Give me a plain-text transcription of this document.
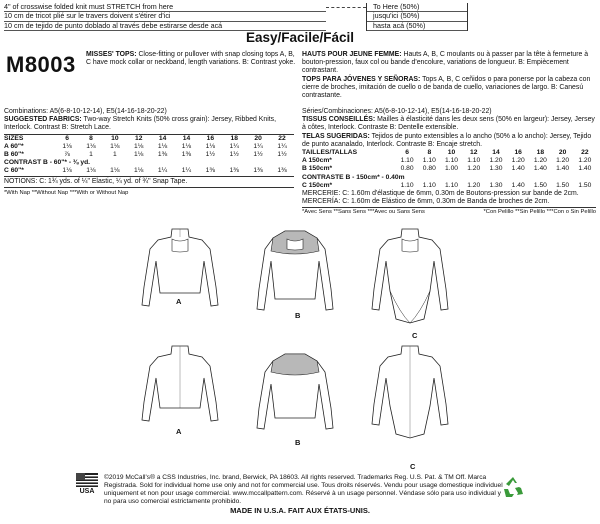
4" of crosswise folded knit must STRETCH from here
10 cm de tricot plié sur le travers doivent s'étirer d'ici
10 cm de tejido de punto doblado al través debe estirarse desde acá
To Here (50%)
jusqu'ici (50%)
hasta acá (50%)
Easy/Facile/Fácil
M8003 MISSES' TOPS: Close-fitting or pullover with snap closing tops A, B, C have mock collar or neckband, length variations. B: Contrast yoke.
HAUTS POUR JEUNE FEMME: Hauts A, B, C moulants ou à passer par la tête à fermeture à bouton-pression, faux col ou bande d'encolure, variations de longueur. B: Empiècement contrastant.
TOPS PARA JÓVENES Y SEÑORAS: Tops A, B, C ceñidos o para ponerse por la cabeza con cierre de broches, imitación de cuello o de banda de cuello, variaciones de largo. B: Canesú contrastante.
Combinations: A5(6-8-10-12-14), E5(14-16-18-20-22)
SUGGESTED FABRICS: Two-way Stretch Knits (50% cross grain): Jersey, Ribbed Knits, Interlock. Contrast B: Stretch Lace.
SIZES	6	8	10	12	14	14	16	18	20	22
A 60"*	1⅛	1⅛	1⅛	1⅛	1⅛	1⅛	1⅛	1¼	1¼	1¼
B 60"*	⅞	1	1	1⅛	1⅜	1⅜	1½	1½	1½	1½
CONTRAST B - 60"* - ⅜ yd.										
C 60"*	1⅛	1⅛	1⅛	1⅛	1¼	1¼	1⅜	1⅜	1⅜	1⅜
NOTIONS: C: 1¾ yds. of ¼" Elastic, ¼ yd. of ¾" Snap Tape.
*With Nap **Without Nap ***With or Without Nap
Séries/Combinaciones: A5(6-8-10-12-14), E5(14-16-18-20-22)
TISSUS CONSEILLÉS: Mailles à élasticité dans les deux sens (50% en largeur): Jersey, Jersey à côtes, Interlock. Contraste B: Dentelle extensible.
TELAS SUGERIDAS: Tejidos de punto extensibles a lo ancho (50% a lo ancho): Jersey, Tejido de punto acanalado, Interlock. Contraste B: Encaje stretch.
TAILLES/TALLAS	6	8	10	12	14	16	18	20	22
A 150cm*	1.10	1.10	1.10	1.10	1.20	1.20	1.20	1.20	1.20
B 150cm*	0.80	0.80	1.00	1.20	1.30	1.40	1.40	1.40	1.40
CONTRASTE B - 150cm* - 0.40m									
C 150cm*	1.10	1.10	1.10	1.20	1.30	1.40	1.50	1.50	1.50
MERCERIE: C: 1.60m d'élastique de 6mm, 0.30m de Boutons-pression sur bande de 2cm.
MERCERÍA: C: 1.60m de Elástico de 6mm, 0.30m de Banda de broches de 2cm.
*Avec Sens **Sans Sens ***Avec ou Sans Sens	*Con Pelillo **Sin Pelillo ***Con o Sin Pelillo
A
B
C
A
B
C
USA
©2019 McCall's® a CSS Industries, Inc. brand, Berwick, PA 18603. All rights reserved. Trademarks Reg. U.S. Pat. & TM Off. Marca Registrada. Sold for individual home use only and not for commercial use. Tous droits réservés. Vendu pour usage domestique individuel uniquement et non pour usage commercial. www.mccallpattern.com. Réservé à un usage personnel. Véndase sólo para uso individual y no para uso comercial estrictamente prohibido.
MADE IN U.S.A. FAIT AUX ÉTATS-UNIS.
